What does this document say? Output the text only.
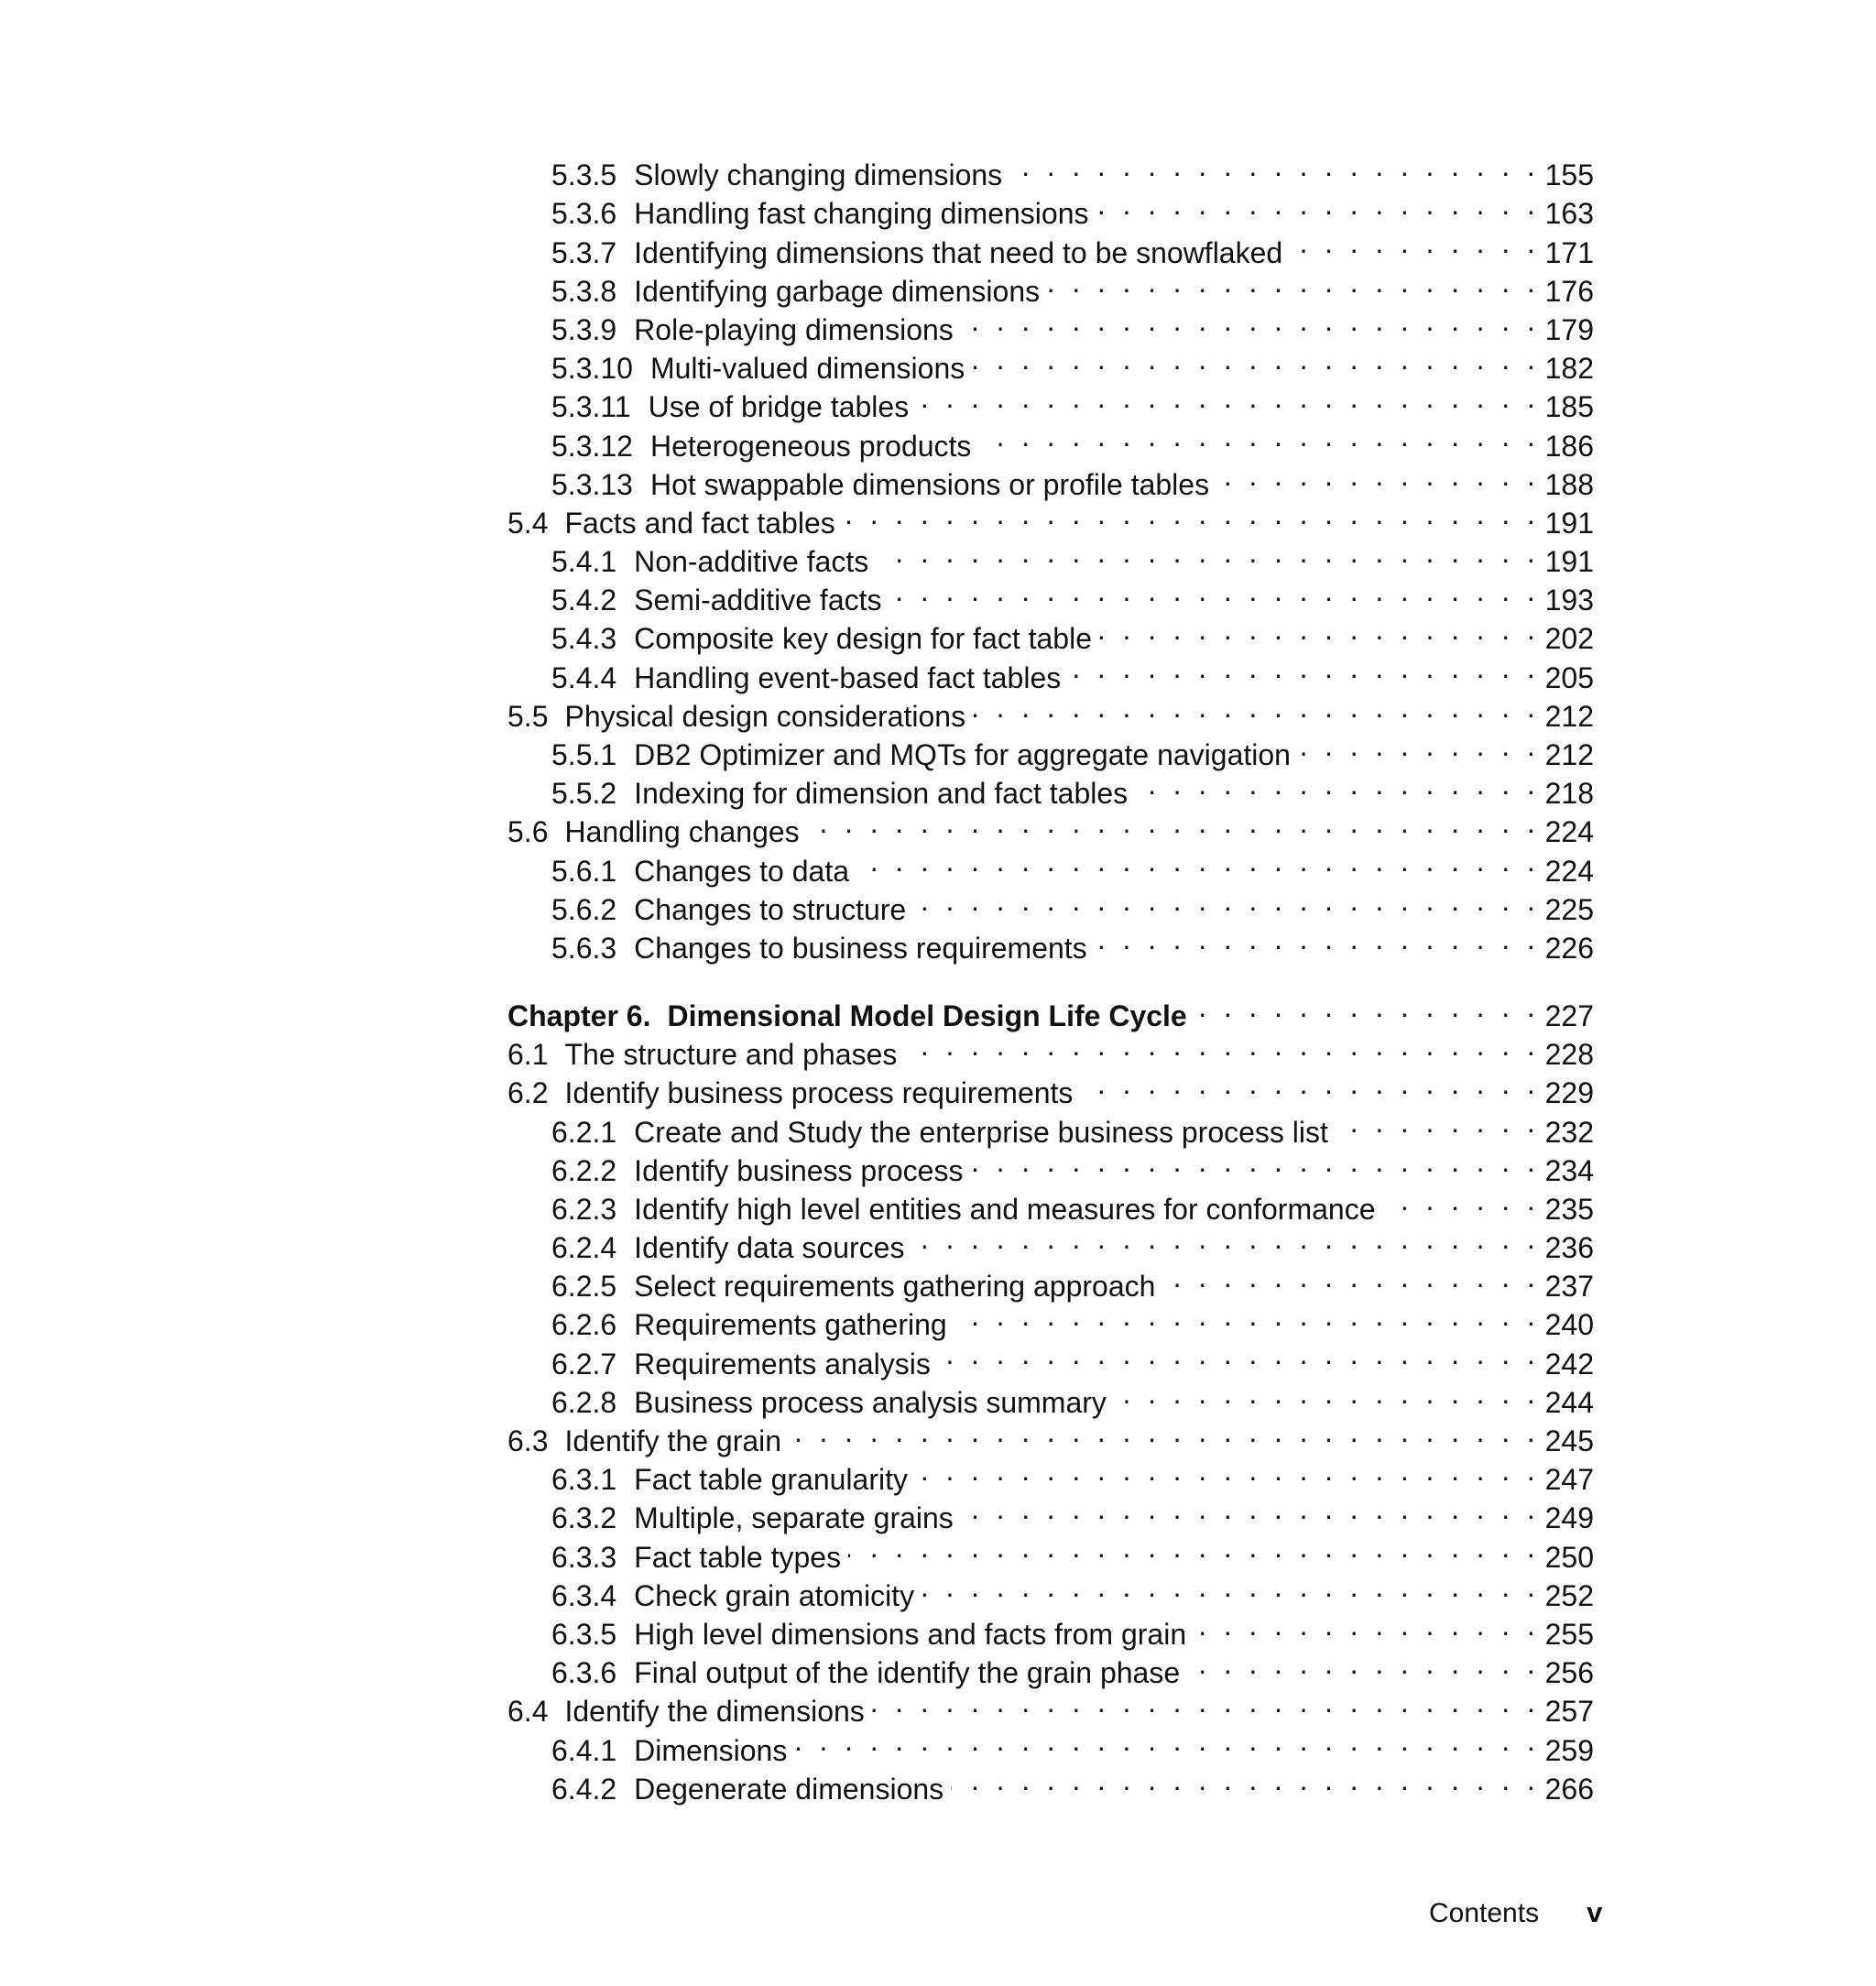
5.3.5 Slowly changing dimensions . . .	155
5.3.6 Handling fast changing dimensions . . .	163
5.3.7 Identifying dimensions that need to be snowflaked . . .	171
5.3.8 Identifying garbage dimensions . . .	176
5.3.9 Role-playing dimensions . . .	179
5.3.10 Multi-valued dimensions . . .	182
5.3.11 Use of bridge tables . . .	185
5.3.12 Heterogeneous products . . .	186
5.3.13 Hot swappable dimensions or profile tables . . .	188
5.4 Facts and fact tables . . .	191
5.4.1 Non-additive facts . . .	191
5.4.2 Semi-additive facts . . .	193
5.4.3 Composite key design for fact table . . .	202
5.4.4 Handling event-based fact tables . . .	205
5.5 Physical design considerations . . .	212
5.5.1 DB2 Optimizer and MQTs for aggregate navigation . . .	212
5.5.2 Indexing for dimension and fact tables . . .	218
5.6 Handling changes . . .	224
5.6.1 Changes to data . . .	224
5.6.2 Changes to structure . . .	225
5.6.3 Changes to business requirements . . .	226
Chapter 6. Dimensional Model Design Life Cycle . . .	227
6.1 The structure and phases . . .	228
6.2 Identify business process requirements . . .	229
6.2.1 Create and Study the enterprise business process list . . .	232
6.2.2 Identify business process . . .	234
6.2.3 Identify high level entities and measures for conformance . . .	235
6.2.4 Identify data sources . . .	236
6.2.5 Select requirements gathering approach . . .	237
6.2.6 Requirements gathering . . .	240
6.2.7 Requirements analysis . . .	242
6.2.8 Business process analysis summary . . .	244
6.3 Identify the grain . . .	245
6.3.1 Fact table granularity . . .	247
6.3.2 Multiple, separate grains . . .	249
6.3.3 Fact table types . . .	250
6.3.4 Check grain atomicity . . .	252
6.3.5 High level dimensions and facts from grain . . .	255
6.3.6 Final output of the identify the grain phase . . .	256
6.4 Identify the dimensions . . .	257
6.4.1 Dimensions . . .	259
6.4.2 Degenerate dimensions . . .	266
Contents v
